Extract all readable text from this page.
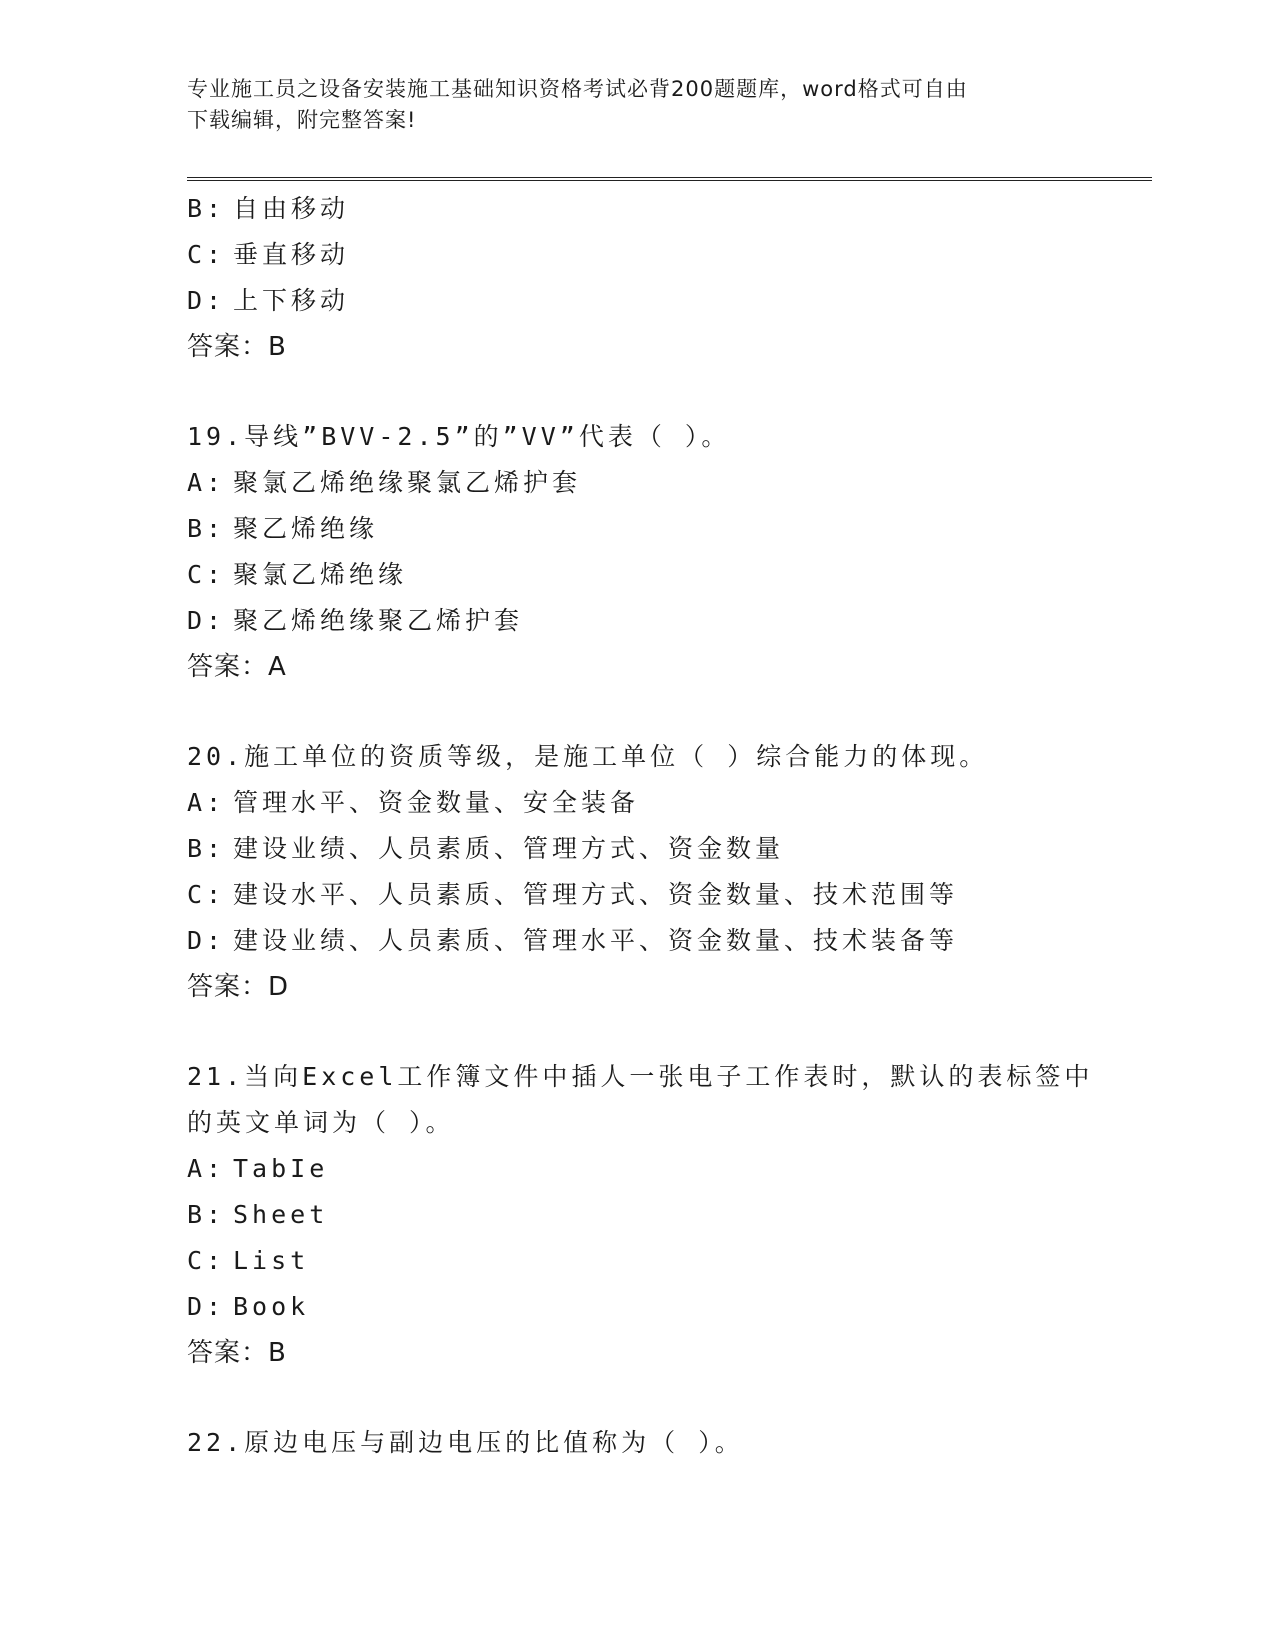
专业施工员之设备安装施工基础知识资格考试必背200题题库，word格式可自由
下载编辑，附完整答案!
B: 自由移动
C: 垂直移动
D: 上下移动
答案：B
19.导线”BVV-2.5”的”VV”代表（ ）。
A: 聚氯乙烯绝缘聚氯乙烯护套
B: 聚乙烯绝缘
C: 聚氯乙烯绝缘
D: 聚乙烯绝缘聚乙烯护套
答案：A
20.施工单位的资质等级，是施工单位（ ）综合能力的体现。
A: 管理水平、资金数量、安全装备
B: 建设业绩、人员素质、管理方式、资金数量
C: 建设水平、人员素质、管理方式、资金数量、技术范围等
D: 建设业绩、人员素质、管理水平、资金数量、技术装备等
答案：D
21.当向Excel工作簿文件中插人一张电子工作表时，默认的表标签中
的英文单词为（ ）。
A: TabIe
B: Sheet
C: List
D: Book
答案：B
22.原边电压与副边电压的比值称为（ ）。
